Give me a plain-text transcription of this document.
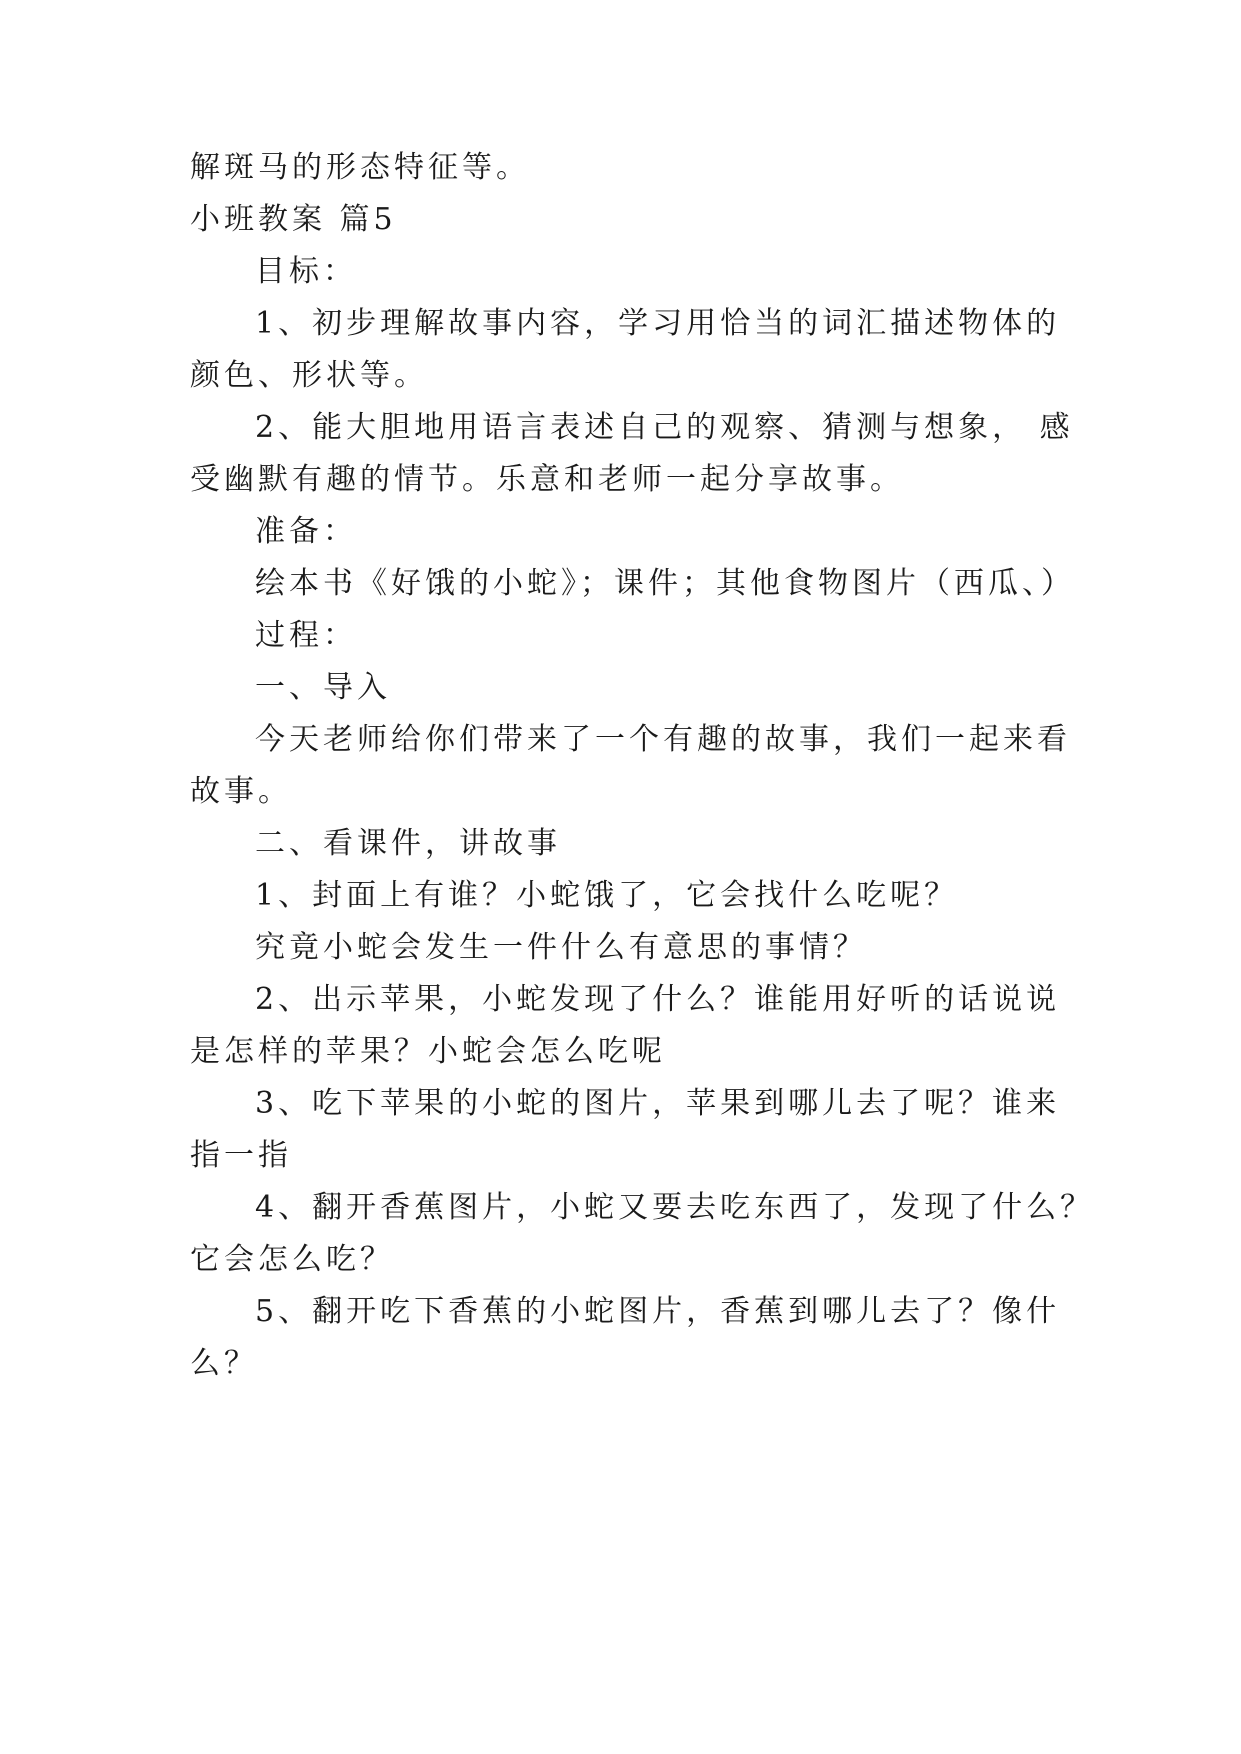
解斑马的形态特征等。
小班教案 篇5
目标：
1、初步理解故事内容，学习用恰当的词汇描述物体的
颜色、形状等。
2、能大胆地用语言表述自己的观察、猜测与想象， 感
受幽默有趣的情节。乐意和老师一起分享故事。
准备：
绘本书《好饿的小蛇》；课件；其他食物图片（西瓜、）
过程：
一、导入
今天老师给你们带来了一个有趣的故事，我们一起来看
故事。
二、看课件，讲故事
1、封面上有谁？小蛇饿了，它会找什么吃呢？
究竟小蛇会发生一件什么有意思的事情？
2、出示苹果，小蛇发现了什么？谁能用好听的话说说
是怎样的苹果？小蛇会怎么吃呢
3、吃下苹果的小蛇的图片，苹果到哪儿去了呢？谁来
指一指
4、翻开香蕉图片，小蛇又要去吃东西了，发现了什么？
它会怎么吃？
5、翻开吃下香蕉的小蛇图片，香蕉到哪儿去了？像什
么？
